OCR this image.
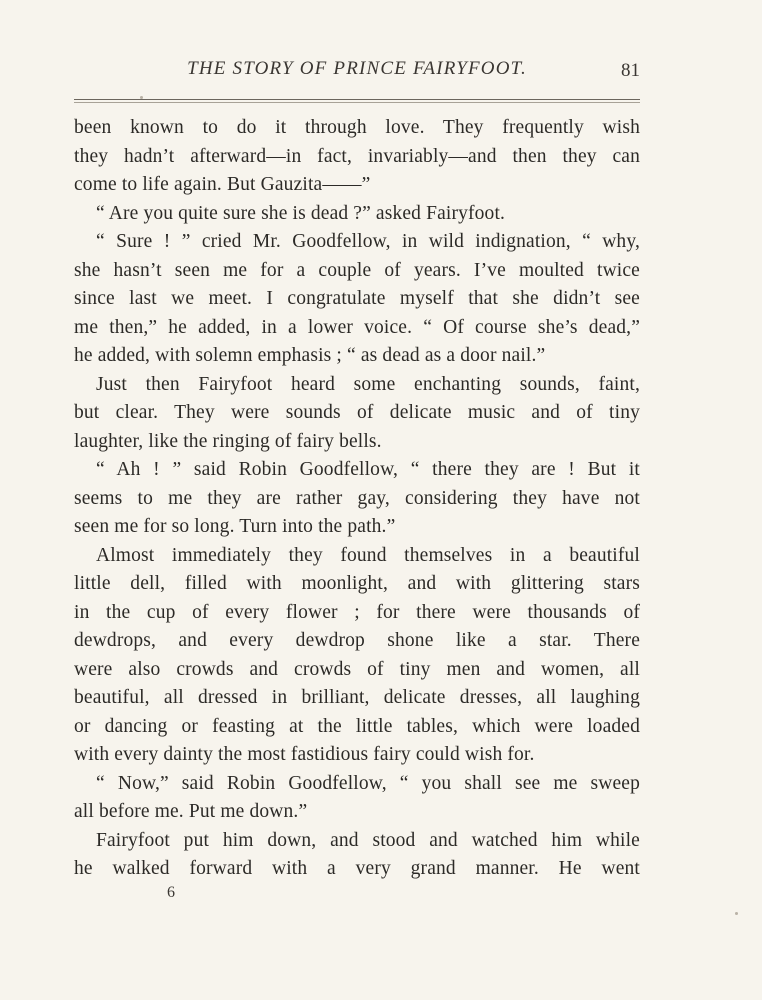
THE STORY OF PRINCE FAIRYFOOT.	81
been known to do it through love. They frequently wish
they hadn’t afterward—in fact, invariably—and then they can
come to life again. But Gauzita——”
“ Are you quite sure she is dead ?” asked Fairyfoot.
“ Sure ! ” cried Mr. Goodfellow, in wild indignation, “ why,
she hasn’t seen me for a couple of years. I’ve moulted twice
since last we meet. I congratulate myself that she didn’t see
me then,” he added, in a lower voice. “ Of course she’s dead,”
he added, with solemn emphasis ; “ as dead as a door nail.”
Just then Fairyfoot heard some enchanting sounds, faint,
but clear. They were sounds of delicate music and of tiny
laughter, like the ringing of fairy bells.
“ Ah ! ” said Robin Goodfellow, “ there they are ! But it
seems to me they are rather gay, considering they have not
seen me for so long. Turn into the path.”
Almost immediately they found themselves in a beautiful
little dell, filled with moonlight, and with glittering stars
in the cup of every flower ; for there were thousands of
dewdrops, and every dewdrop shone like a star. There
were also crowds and crowds of tiny men and women, all
beautiful, all dressed in brilliant, delicate dresses, all laughing
or dancing or feasting at the little tables, which were loaded
with every dainty the most fastidious fairy could wish for.
“ Now,” said Robin Goodfellow, “ you shall see me sweep
all before me. Put me down.”
Fairyfoot put him down, and stood and watched him while
he walked forward with a very grand manner. He went
6
